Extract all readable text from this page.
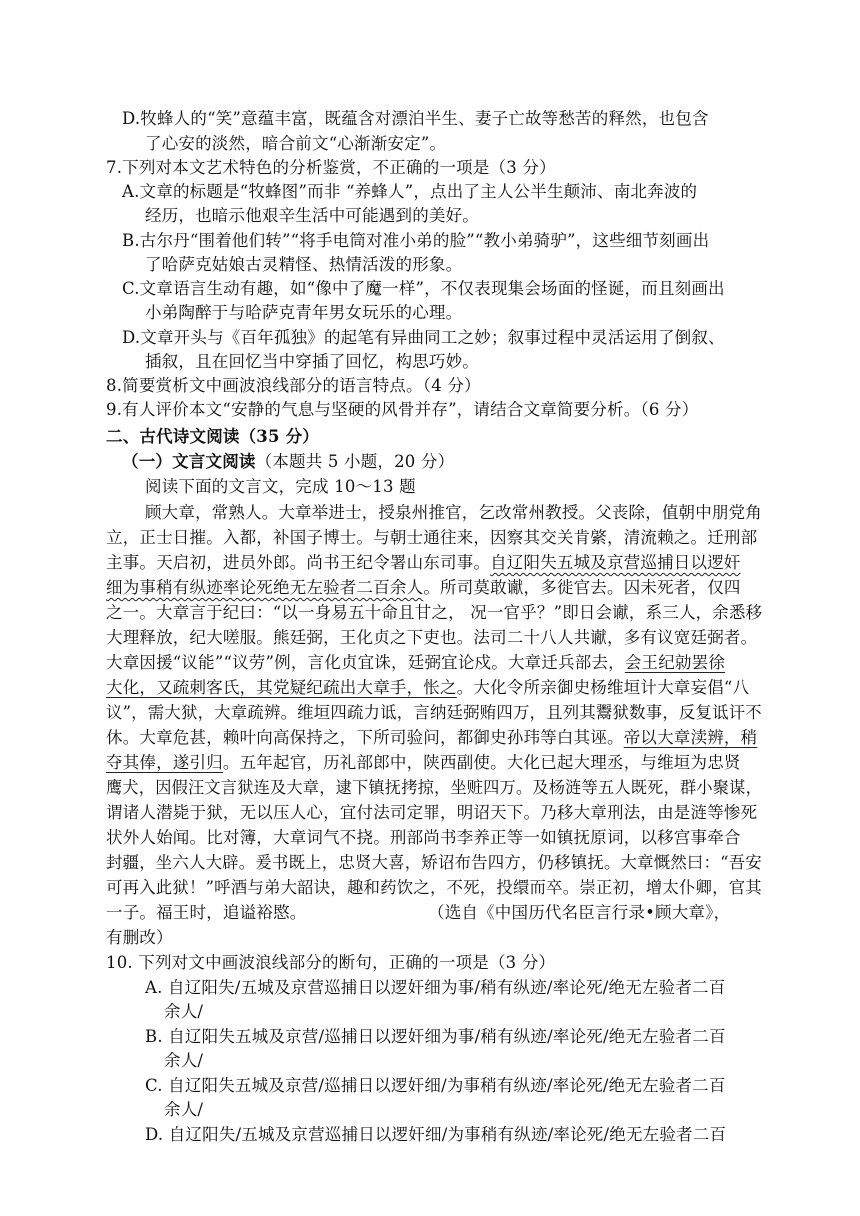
D.牧蜂人的“笑”意蕴丰富，既蕴含对漂泊半生、妻子亡故等愁苦的释然，也包含
了心安的淡然，暗合前文“心渐渐安定”。
7.下列对本文艺术特色的分析鉴赏，不正确的一项是（3 分）
A.文章的标题是“牧蜂图”而非 “养蜂人”，点出了主人公半生颠沛、南北奔波的
经历，也暗示他艰辛生活中可能遇到的美好。
B.古尔丹“围着他们转”“将手电筒对准小弟的脸”“教小弟骑驴”，这些细节刻画出
了哈萨克姑娘古灵精怪、热情活泼的形象。
C.文章语言生动有趣，如“像中了魔一样”，不仅表现集会场面的怪诞，而且刻画出
小弟陶醉于与哈萨克青年男女玩乐的心理。
D.文章开头与《百年孤独》的起笔有异曲同工之妙；叙事过程中灵活运用了倒叙、
插叙，且在回忆当中穿插了回忆，构思巧妙。
8.简要赏析文中画波浪线部分的语言特点。（4 分）
9.有人评价本文“安静的气息与坚硬的风骨并存”，请结合文章简要分析。（6 分）
二、古代诗文阅读（35 分）
（一）文言文阅读（本题共 5 小题，20 分）
阅读下面的文言文，完成 10～13 题
顾大章，常熟人。大章举进士，授泉州推官，乞改常州教授。父丧除，值朝中朋党角
立，正士日摧。入都，补国子博士。与朝士通往来，因察其交关肯綮，清流赖之。迁刑部
主事。天启初，进员外郎。尚书王纪令署山东司事。自辽阳失五城及京营巡捕日以逻奸
细为事稍有纵迹率论死绝无左验者二百余人。所司莫敢谳，多徙官去。囚未死者，仅四
之一。大章言于纪曰：“以一身易五十命且甘之， 况一官乎？”即日会谳，系三人，余悉移
大理释放，纪大嗟服。熊廷弼，王化贞之下吏也。法司二十八人共谳，多有议宽廷弼者。
大章因援“议能”“议劳”例，言化贞宜诛，廷弼宜论戍。大章迁兵部去，会王纪勍罢徐
大化，又疏刺客氏，其党疑纪疏出大章手，怅之。大化令所亲御史杨维垣计大章妄倡“八
议”，需大狱，大章疏辨。维垣四疏力诋，言纳廷弼贿四万，且列其鬻狱数事，反复诋讦不
休。大章危甚，赖叶向高保持之，下所司验问，都御史孙玮等白其诬。帝以大章渎辨，稍
夺其俸，遂引归。五年起官，历礼部郎中，陕西副使。大化已起大理丞，与维垣为忠贤
鹰犬，因假汪文言狱连及大章，逮下镇抚拷掠，坐赃四万。及杨涟等五人既死，群小聚谋，
谓诸人潜毙于狱，无以压人心，宜付法司定罪，明诏天下。乃移大章刑法，由是涟等惨死
状外人始闻。比对簿，大章词气不挠。刑部尚书李养正等一如镇抚原词，以移宫事牵合
封疆，坐六人大辟。爰书既上，忠贤大喜，矫诏布告四方，仍移镇抚。大章慨然曰：“吾安
可再入此狱！”呼酒与弟大韶诀，趣和药饮之，不死，投缳而卒。崇正初，增太仆卿，官其
一子。福王时，追谥裕愍。	（选自《中国历代名臣言行录•顾大章》，
有删改）
10. 下列对文中画波浪线部分的断句，正确的一项是（3 分）
A. 自辽阳失/五城及京营巡捕日以逻奸细为事/稍有纵迹/率论死/绝无左验者二百
余人/
B. 自辽阳失五城及京营/巡捕日以逻奸细为事/稍有纵迹/率论死/绝无左验者二百
余人/
C. 自辽阳失五城及京营/巡捕日以逻奸细/为事稍有纵迹/率论死/绝无左验者二百
余人/
D. 自辽阳失/五城及京营巡捕日以逻奸细/为事稍有纵迹/率论死/绝无左验者二百
